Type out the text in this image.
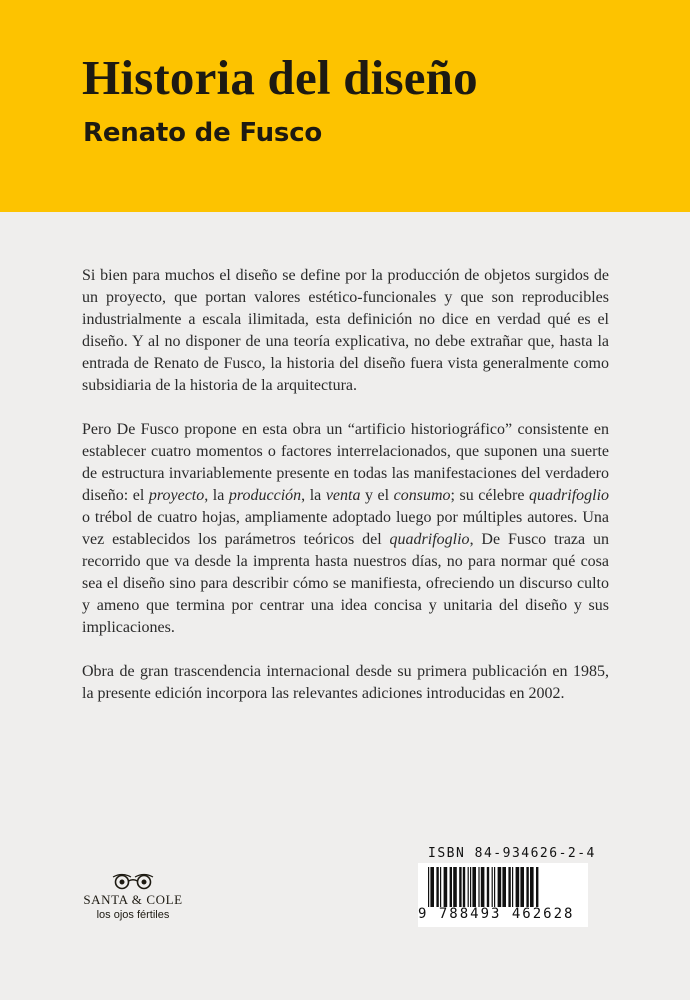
Historia del diseño
Renato de Fusco

Si bien para muchos el diseño se define por la producción de objetos surgidos de un proyecto, que portan valores estético-funcionales y que son reproducibles industrialmente a escala ilimitada, esta definición no dice en verdad qué es el diseño. Y al no disponer de una teoría explicativa, no debe extrañar que, hasta la entrada de Renato de Fusco, la historia del diseño fuera vista generalmente como subsidiaria de la historia de la arquitectura.

Pero De Fusco propone en esta obra un “artificio historiográfico” consistente en establecer cuatro momentos o factores interrelacionados, que suponen una suerte de estructura invariablemente presente en todas las manifestaciones del verdadero diseño: el proyecto, la producción, la venta y el consumo; su célebre quadrifoglio o trébol de cuatro hojas, ampliamente adoptado luego por múltiples autores. Una vez establecidos los parámetros teóricos del quadrifoglio, De Fusco traza un recorrido que va desde la imprenta hasta nuestros días, no para normar qué cosa sea el diseño sino para describir cómo se manifiesta, ofreciendo un discurso culto y ameno que termina por centrar una idea concisa y unitaria del diseño y sus implicaciones.

Obra de gran trascendencia internacional desde su primera publicación en 1985, la presente edición incorpora las relevantes adiciones introducidas en 2002.

SANTA & COLE
los ojos fértiles
ISBN 84-934626-2-4
9 788493 462628
